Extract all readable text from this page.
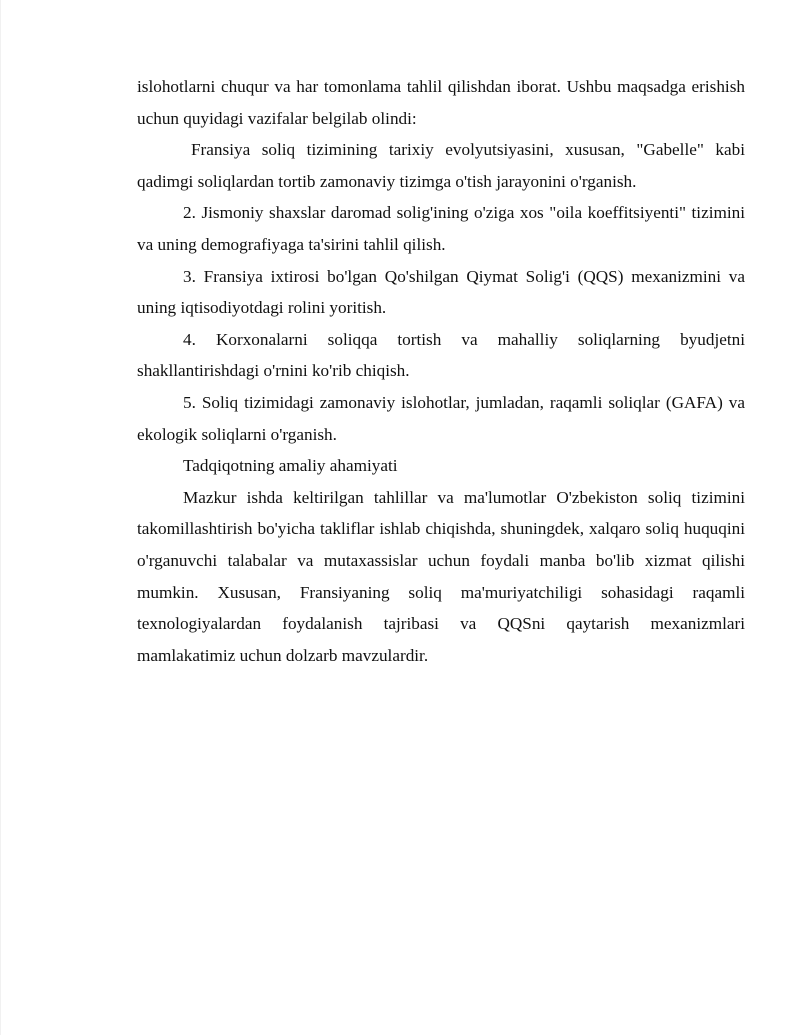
islohotlarni chuqur va har tomonlama tahlil qilishdan iborat. Ushbu maqsadga erishish uchun quyidagi vazifalar belgilab olindi:

Fransiya soliq tizimining tarixiy evolyutsiyasini, xususan, "Gabelle" kabi qadimgi soliqlardan tortib zamonaviy tizimga o'tish jarayonini o'rganish.

2. Jismoniy shaxslar daromad solig'ining o'ziga xos "oila koeffitsiyenti" tizimini va uning demografiyaga ta'sirini tahlil qilish.

3. Fransiya ixtirosi bo'lgan Qo'shilgan Qiymat Solig'i (QQS) mexanizmini va uning iqtisodiyotdagi rolini yoritish.

4. Korxonalarni soliqqa tortish va mahalliy soliqlarning byudjetni shakllantirishdagi o'rnini ko'rib chiqish.

5. Soliq tizimidagi zamonaviy islohotlar, jumladan, raqamli soliqlar (GAFA) va ekologik soliqlarni o'rganish.

Tadqiqotning amaliy ahamiyati

Mazkur ishda keltirilgan tahlillar va ma'lumotlar O'zbekiston soliq tizimini takomillashtirish bo'yicha takliflar ishlab chiqishda, shuningdek, xalqaro soliq huquqini o'rganuvchi talabalar va mutaxassislar uchun foydali manba bo'lib xizmat qilishi mumkin. Xususan, Fransiyaning soliq ma'muriyatchiligi sohasidagi raqamli texnologiyalardan foydalanish tajribasi va QQSni qaytarish mexanizmlari mamlakatimiz uchun dolzarb mavzulardir.
